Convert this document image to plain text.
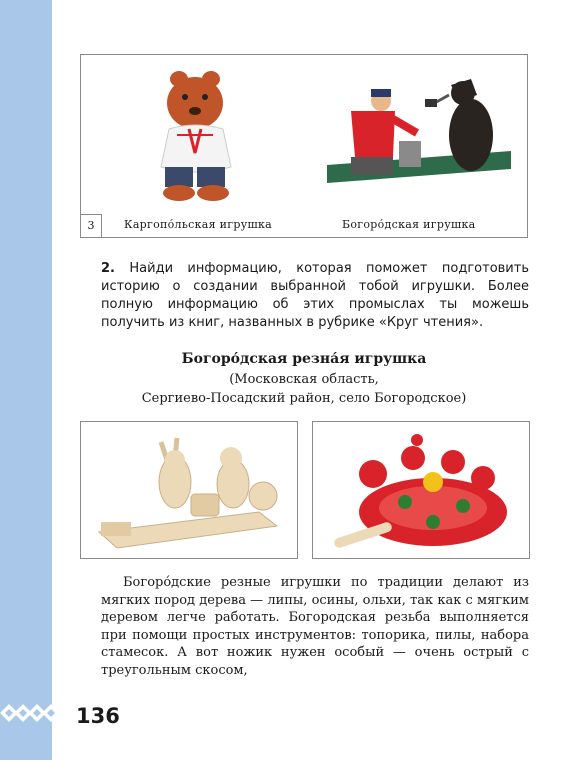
3	Каргопо́льская игрушка	Богоро́дская игрушка
2. Найди информацию, которая поможет подготовить историю о создании выбранной тобой игрушки. Более полную информацию об этих промыслах ты можешь получить из книг, названных в рубрике «Круг чтения».
Богоро́дская резна́я игрушка
(Московская область,
Сергиево-Посадский район, село Богородское)
Богоро́дские резные игрушки по традиции делают из мягких пород дерева — липы, осины, ольхи, так как с мягким деревом легче работать. Богородская резьба выполняется при помощи простых инструментов: топорика, пилы, набора стамесок. А вот ножик нужен особый — очень острый с треугольным скосом,
136
